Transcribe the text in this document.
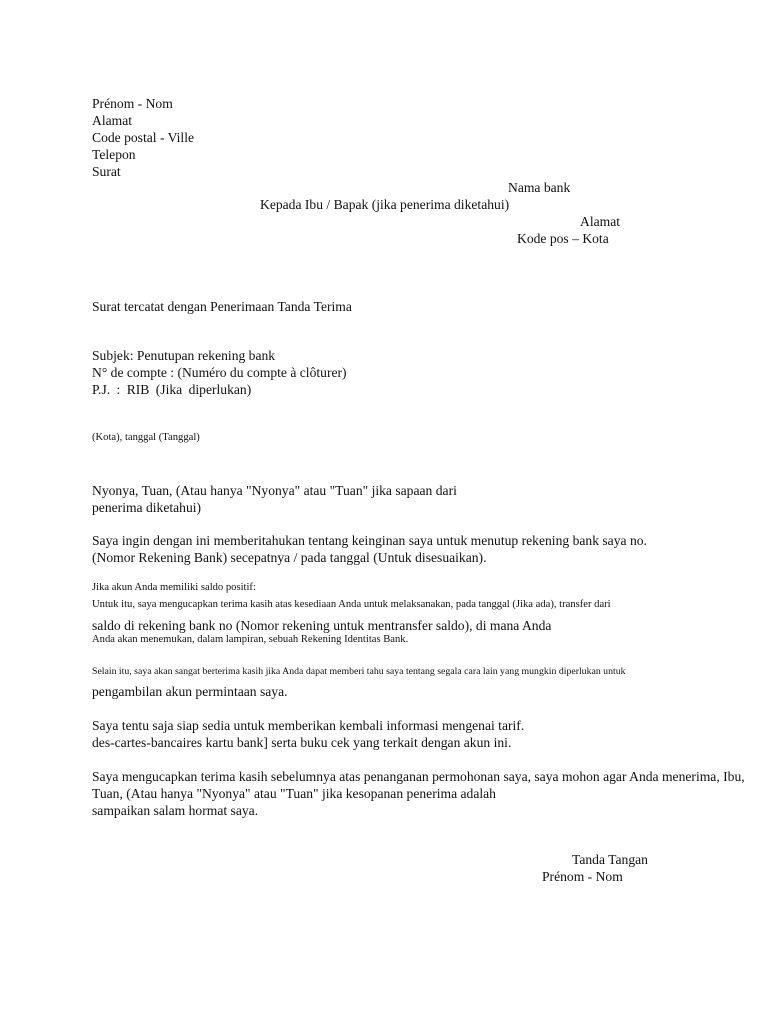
Prénom - Nom
Alamat
Code postal - Ville
Telepon
Surat
Nama bank
Kepada Ibu / Bapak (jika penerima diketahui)
Alamat
Kode pos – Kota
Surat tercatat dengan Penerimaan Tanda Terima
Subjek: Penutupan rekening bank
N° de compte : (Numéro du compte à clôturer)
P.J. : RIB (Jika diperlukan)
(Kota), tanggal (Tanggal)
Nyonya, Tuan, (Atau hanya "Nyonya" atau "Tuan" jika sapaan dari
penerima diketahui)
Saya ingin dengan ini memberitahukan tentang keinginan saya untuk menutup rekening bank saya no.
(Nomor Rekening Bank) secepatnya / pada tanggal (Untuk disesuaikan).
Jika akun Anda memiliki saldo positif:
Untuk itu, saya mengucapkan terima kasih atas kesediaan Anda untuk melaksanakan, pada tanggal (Jika ada), transfer dari
saldo di rekening bank no (Nomor rekening untuk mentransfer saldo), di mana Anda
Anda akan menemukan, dalam lampiran, sebuah Rekening Identitas Bank.
Selain itu, saya akan sangat berterima kasih jika Anda dapat memberi tahu saya tentang segala cara lain yang mungkin diperlukan untuk
pengambilan akun permintaan saya.
Saya tentu saja siap sedia untuk memberikan kembali informasi mengenai tarif.
des-cartes-bancaires kartu bank] serta buku cek yang terkait dengan akun ini.
Saya mengucapkan terima kasih sebelumnya atas penanganan permohonan saya, saya mohon agar Anda menerima, Ibu,
Tuan, (Atau hanya "Nyonya" atau "Tuan" jika kesopanan penerima adalah
sampaikan salam hormat saya.
Tanda Tangan
Prénom - Nom
